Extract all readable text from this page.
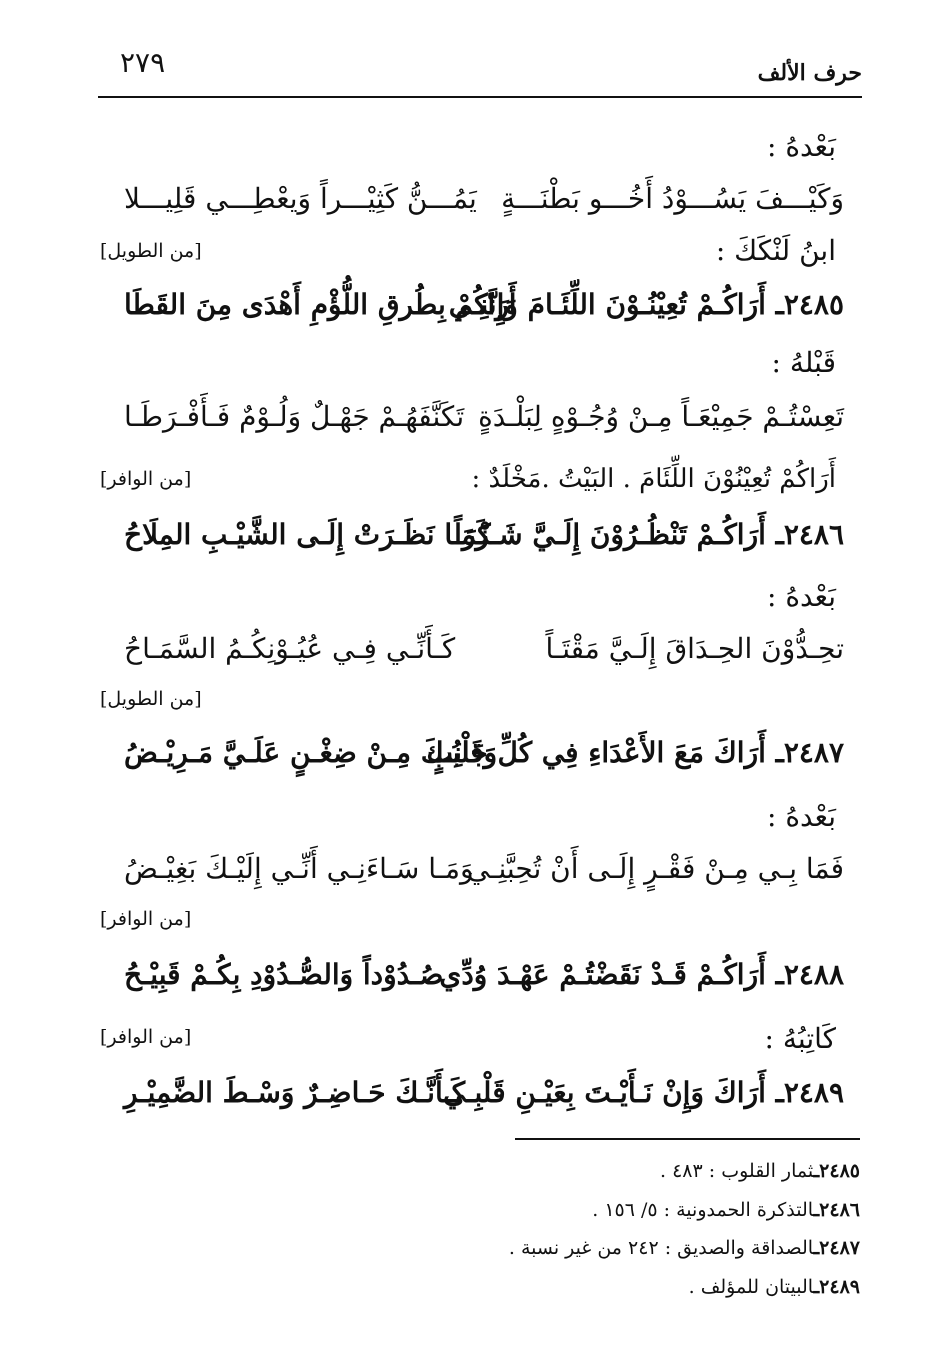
٢٧٩	حرف الألف
بَعْدهُ :
وَكَيْـــفَ يَسُـــوْدُ أَخُـــو بَطْنَـــةٍ
يَمُـــنُّ كَثِيْـــراً وَيعْطِـــي قَلِيـــلا
ابنُ لَنْكَكَ :
[من الطويل]
٢٤٨٥ـ أَرَاكُـمْ تُعِيْنُـوْنَ اللِّئَـامَ وَإِنَّنِـي
أَرَاكُمْ بِطُرقِ اللُّؤْمِ أَهْدَى مِنَ القَطَا
قَبْلهُ :
تَعِسْتُـمْ جَمِيْعَـاً مِـنْ وُجُـوْهٍ لِبَلْـدَةٍ
تَكَنَّفَهُـمْ جَهْـلٌ وَلُـوْمٌ فَـأَفْـرَطَـا
أَرَاكُمْ تُعِيْنُوْنَ اللِّئَامَ . البَيْتُ .مَخْلَدٌ :
[من الوافر]
٢٤٨٦ـ أَرَاكُـمْ تَنْظُـرُوْنَ إِلَـيَّ شَـزْرَاً
كَمَـا نَظَـرَتْ إِلَـى الشَّيْـبِ المِلَاحُ
بَعْدهُ :
تحِـدُّوْنَ الحِـدَاقَ إِلَـيَّ مَقْتَـاً
كَـأَنِّـي فِـي عُيُـوْنِكُـمُ السَّمَـاحُ
[من الطويل]
٢٤٨٧ـ أَرَاكَ مَعَ الأَعْدَاءِ فِي كُلِّ جَانِبٍ
وَقَلْبُـكَ مِـنْ ضِغْـنٍ عَلَـيَّ مَـرِيْـضُ
بَعْدهُ :
فَمَا بِـي مِـنْ فَقْـرٍ إِلَـى أَنْ تُحِبَّنِـي
وَمَـا سَـاءَنِـي أَنِّـي إِلَيْـكَ بَغِيْـضُ
[من الوافر]
٢٤٨٨ـ أَرَاكُـمْ قَـدْ نَقَضْتُـمْ عَهْـدَ وُدِّي
صُـدُوْداً وَالصُّـدُوْدِ بِكُـمْ قَبِيْـحُ
كَاتِبُهُ :
[من الوافر]
٢٤٨٩ـ أَرَاكَ وَإِنْ نَـأَيْـتَ بِعَيْـنِ قَلْبِـي
كَـأَنَّـكَ حَـاضِـرٌ وَسْـطَ الضَّمِيْـرِ
٢٤٨٥ـثمار القلوب : ٤٨٣ .
٢٤٨٦ـالتذكرة الحمدونية : ٥/ ١٥٦ .
٢٤٨٧ـالصداقة والصديق : ٢٤٢ من غير نسبة .
٢٤٨٩ـالبيتان للمؤلف .
